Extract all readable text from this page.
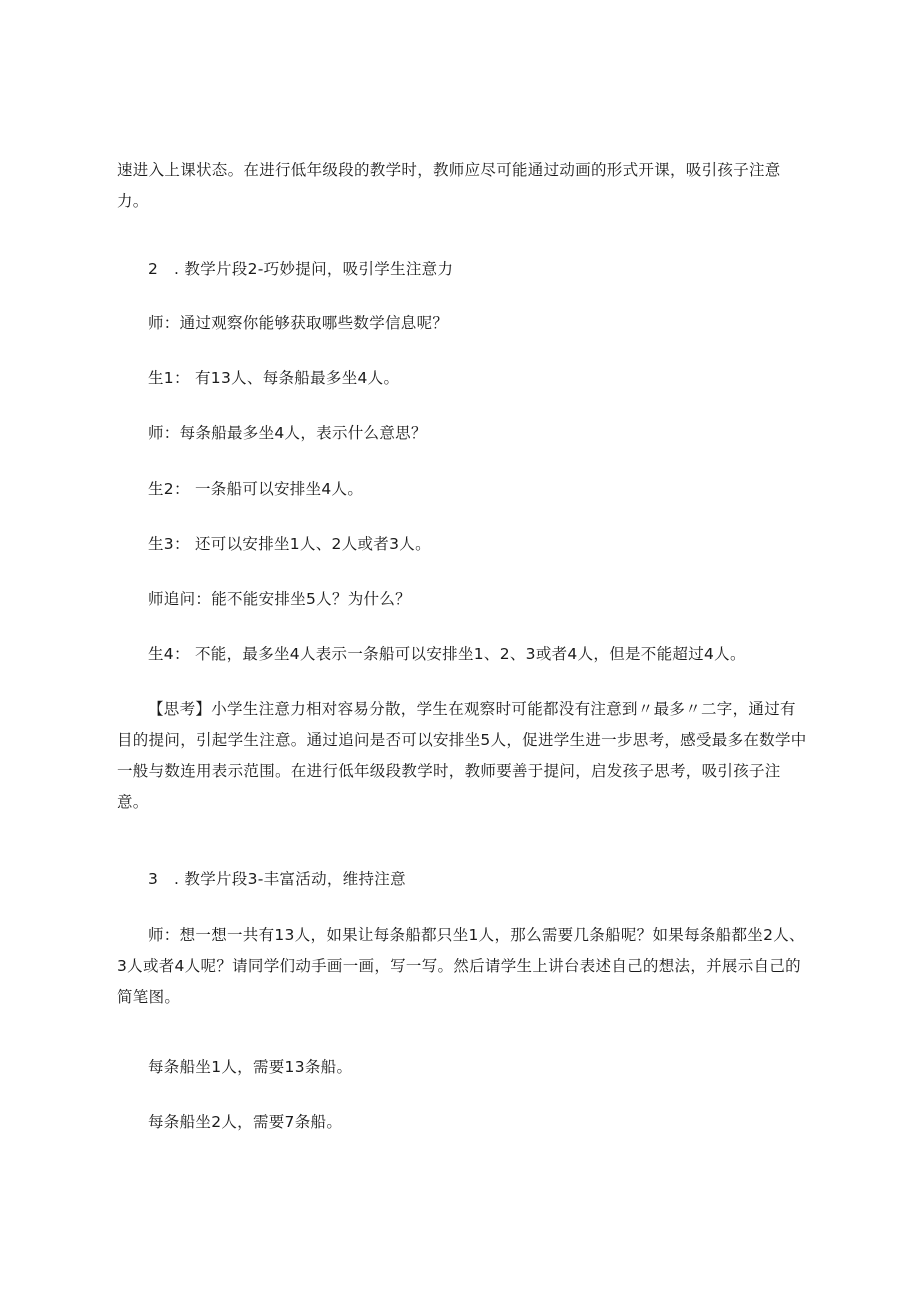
速进入上课状态。在进行低年级段的教学时，教师应尽可能通过动画的形式开课，吸引孩子注意力。

2　. 教学片段2-巧妙提问，吸引学生注意力

师：通过观察你能够获取哪些数学信息呢？

生1： 有13人、每条船最多坐4人。

师：每条船最多坐4人，表示什么意思？

生2： 一条船可以安排坐4人。

生3： 还可以安排坐1人、2人或者3人。

师追问：能不能安排坐5人？为什么？

生4： 不能，最多坐4人表示一条船可以安排坐1、2、3或者4人，但是不能超过4人。

【思考】小学生注意力相对容易分散，学生在观察时可能都没有注意到〃最多〃二字，通过有目的提问，引起学生注意。通过追问是否可以安排坐5人，促进学生进一步思考，感受最多在数学中一般与数连用表示范围。在进行低年级段教学时，教师要善于提问，启发孩子思考，吸引孩子注意。

3　. 教学片段3-丰富活动，维持注意

师：想一想一共有13人，如果让每条船都只坐1人，那么需要几条船呢？如果每条船都坐2人、3人或者4人呢？请同学们动手画一画，写一写。然后请学生上讲台表述自己的想法，并展示自己的简笔图。

每条船坐1人，需要13条船。

每条船坐2人，需要7条船。
